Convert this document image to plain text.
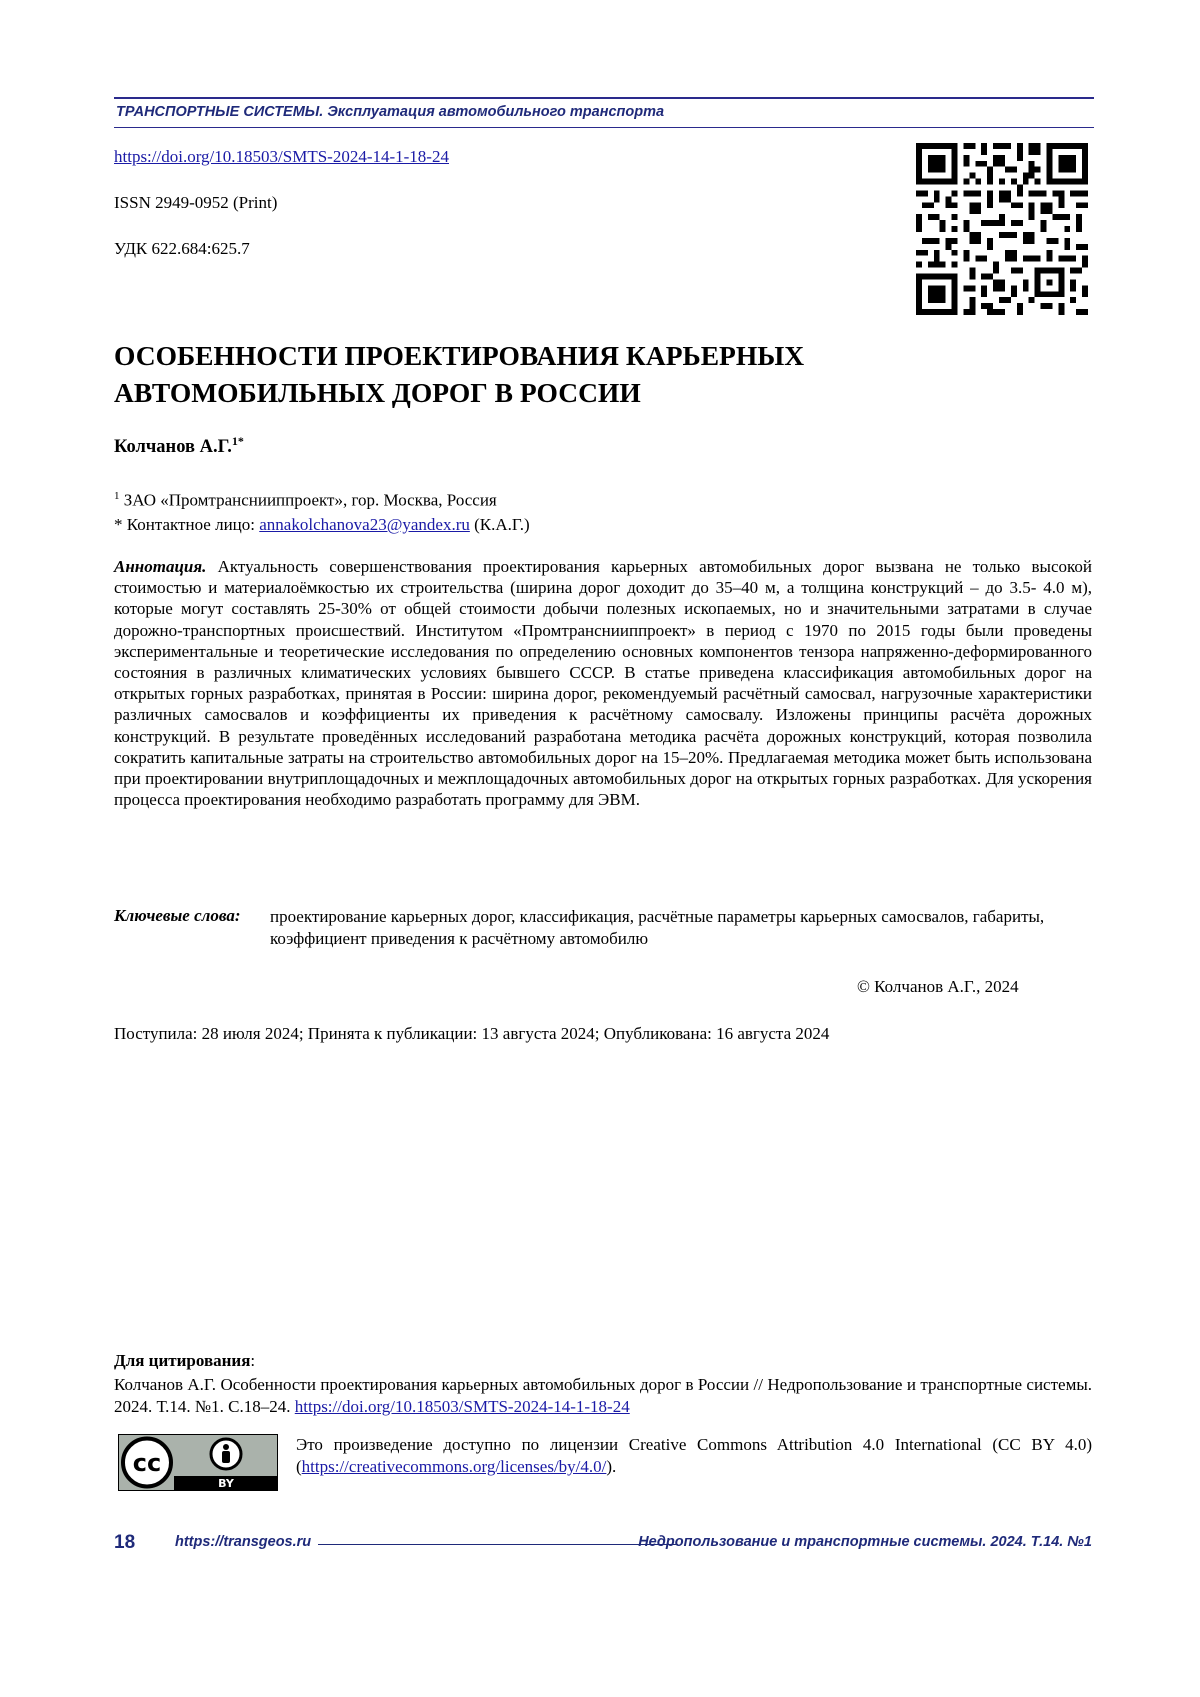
ТРАНСПОРТНЫЕ СИСТЕМЫ. Эксплуатация автомобильного транспорта
https://doi.org/10.18503/SMTS-2024-14-1-18-24
ISSN 2949-0952 (Print)
УДК 622.684:625.7
ОСОБЕННОСТИ ПРОЕКТИРОВАНИЯ КАРЬЕРНЫХ
АВТОМОБИЛЬНЫХ ДОРОГ В РОССИИ
Колчанов А.Г.1*
1 ЗАО «Промтранснииппроект», гор. Москва, Россия
* Контактное лицо: annakolchanova23@yandex.ru (К.А.Г.)
Аннотация. Актуальность совершенствования проектирования карьерных автомобильных дорог вызвана не только высокой стоимостью и материалоёмкостью их строительства (ширина дорог доходит до 35–40 м, а толщина конструкций – до 3.5- 4.0 м), которые могут составлять 25-30% от общей стоимости добычи полезных ископаемых, но и значительными затратами в случае дорожно-транспортных происшествий. Институтом «Промтранснииппроект» в период с 1970 по 2015 годы были проведены экспериментальные и теоретические исследования по определению основных компонентов тензора напряженно-деформированного состояния в различных климатических условиях бывшего СССР. В статье приведена классификация автомобильных дорог на открытых горных разработках, принятая в России: ширина дорог, рекомендуемый расчётный самосвал, нагрузочные характеристики различных самосвалов и коэффициенты их приведения к расчётному самосвалу. Изложены принципы расчёта дорожных конструкций. В результате проведённых исследований разработана методика расчёта дорожных конструкций, которая позволила сократить капитальные затраты на строительство автомобильных дорог на 15–20%. Предлагаемая методика может быть использована при проектировании внутриплощадочных и межплощадочных автомобильных дорог на открытых горных разработках. Для ускорения процесса проектирования необходимо разработать программу для ЭВМ.
Ключевые слова: проектирование карьерных дорог, классификация, расчётные параметры карьерных самосвалов, габариты, коэффициент приведения к расчётному автомобилю
© Колчанов А.Г., 2024
Поступила: 28 июля 2024; Принята к публикации: 13 августа 2024; Опубликована: 16 августа 2024
Для цитирования:
Колчанов А.Г. Особенности проектирования карьерных автомобильных дорог в России // Недропользование и транспортные системы. 2024. Т.14. №1. С.18–24. https://doi.org/10.18503/SMTS-2024-14-1-18-24
cc
BY
Это произведение доступно по лицензии Creative Commons Attribution 4.0 International (CC BY 4.0) (https://creativecommons.org/licenses/by/4.0/).
18	https://transgeos.ru	Недропользование и транспортные системы. 2024. Т.14. №1
